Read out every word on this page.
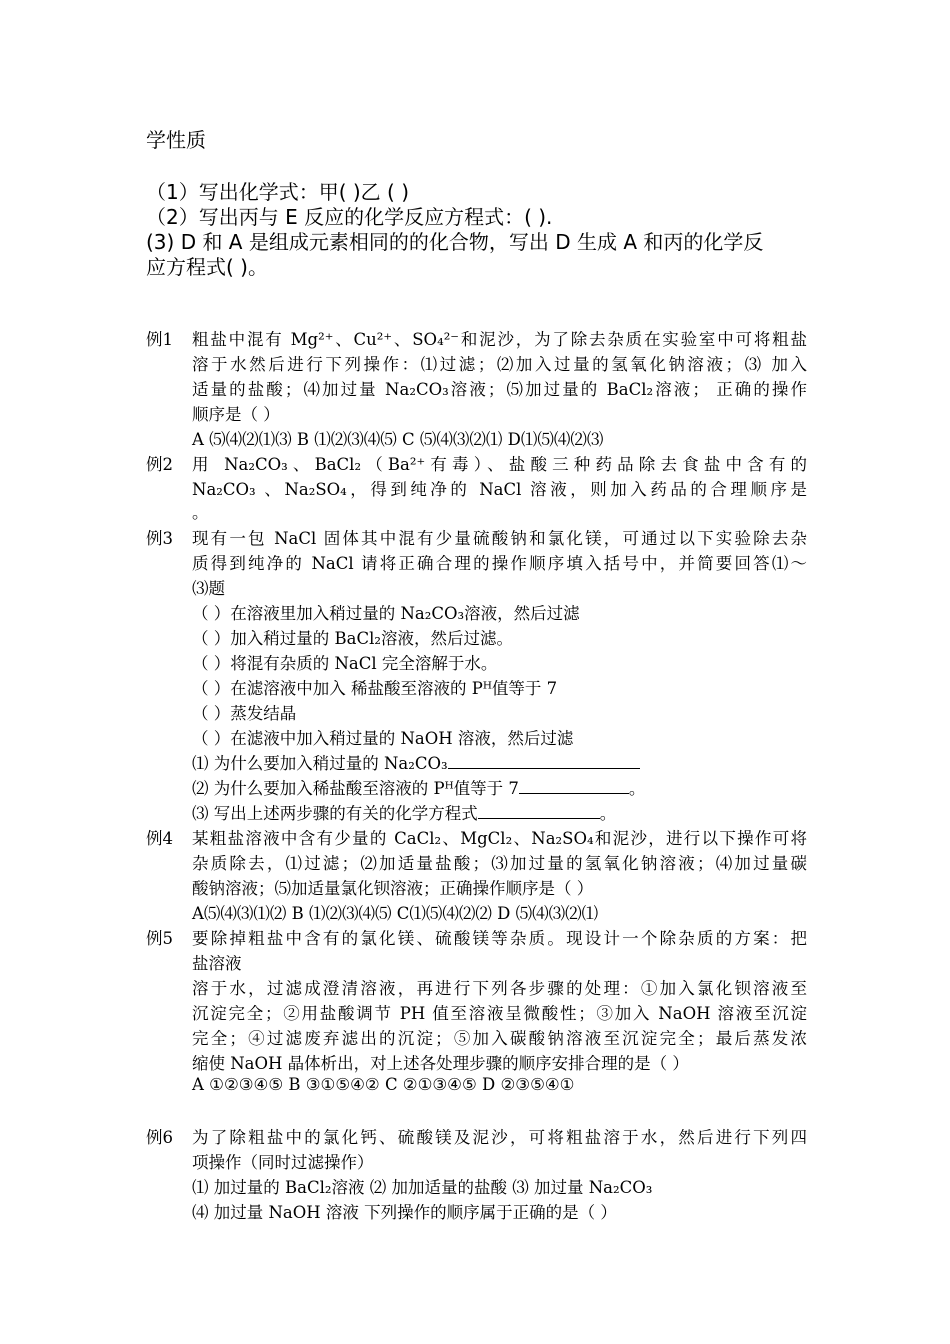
学性质
（1）写出化学式：甲( )乙 ( )
（2）写出丙与 E 反应的化学反应方程式：( ).
(3) D 和 A 是组成元素相同的的化合物，写出 D 生成 A 和丙的化学反
应方程式( )。
例1 粗盐中混有 Mg²⁺、Cu²⁺、SO₄²⁻和泥沙，为了除去杂质在实验室中可将粗盐
溶于水然后进行下列操作：⑴过滤；⑵加入过量的氢氧化钠溶液；⑶ 加入
适量的盐酸；⑷加过量 Na₂CO₃溶液；⑸加过量的 BaCl₂溶液； 正确的操作
顺序是（ ）
A ⑸⑷⑵⑴⑶ B ⑴⑵⑶⑷⑸ C ⑸⑷⑶⑵⑴ D⑴⑸⑷⑵⑶
例2 用 Na₂CO₃、BaCl₂（Ba²⁺有毒）、盐酸三种药品除去食盐中含有的
Na₂CO₃ 、Na₂SO₄，得到纯净的 NaCl 溶液，则加入药品的合理顺序是
。
例3 现有一包 NaCl 固体其中混有少量硫酸钠和氯化镁，可通过以下实验除去杂
质得到纯净的 NaCl 请将正确合理的操作顺序填入括号中，并简要回答⑴～
⑶题
（ ）在溶液里加入稍过量的 Na₂CO₃溶液，然后过滤
（ ）加入稍过量的 BaCl₂溶液，然后过滤。
（ ）将混有杂质的 NaCl 完全溶解于水。
（ ）在滤溶液中加入 稀盐酸至溶液的 Pᴴ值等于 7
（ ）蒸发结晶
（ ）在滤液中加入稍过量的 NaOH 溶液，然后过滤
⑴ 为什么要加入稍过量的 Na₂CO₃
⑵ 为什么要加入稀盐酸至溶液的 Pᴴ值等于 7	。
⑶ 写出上述两步骤的有关的化学方程式	。
例4 某粗盐溶液中含有少量的 CaCl₂、MgCl₂、Na₂SO₄和泥沙，进行以下操作可将
杂质除去，⑴过滤；⑵加适量盐酸；⑶加过量的氢氧化钠溶液；⑷加过量碳
酸钠溶液；⑸加适量氯化钡溶液；正确操作顺序是（ ）
A⑸⑷⑶⑴⑵ B ⑴⑵⑶⑷⑸ C⑴⑸⑷⑵⑵ D ⑸⑷⑶⑵⑴
例5 要除掉粗盐中含有的氯化镁、硫酸镁等杂质。现设计一个除杂质的方案：把
盐溶液
溶于水，过滤成澄清溶液，再进行下列各步骤的处理：①加入氯化钡溶液至
沉淀完全；②用盐酸调节 PH 值至溶液呈微酸性；③加入 NaOH 溶液至沉淀
完全；④过滤废弃滤出的沉淀；⑤加入碳酸钠溶液至沉淀完全；最后蒸发浓
缩使 NaOH 晶体析出，对上述各处理步骤的顺序安排合理的是（ ）
A ①②③④⑤ B ③①⑤④② C ②①③④⑤ D ②③⑤④①
例6 为了除粗盐中的氯化钙、硫酸镁及泥沙，可将粗盐溶于水，然后进行下列四
项操作（同时过滤操作）
⑴ 加过量的 BaCl₂溶液 ⑵ 加加适量的盐酸 ⑶ 加过量 Na₂CO₃
⑷ 加过量 NaOH 溶液 下列操作的顺序属于正确的是（ ）
